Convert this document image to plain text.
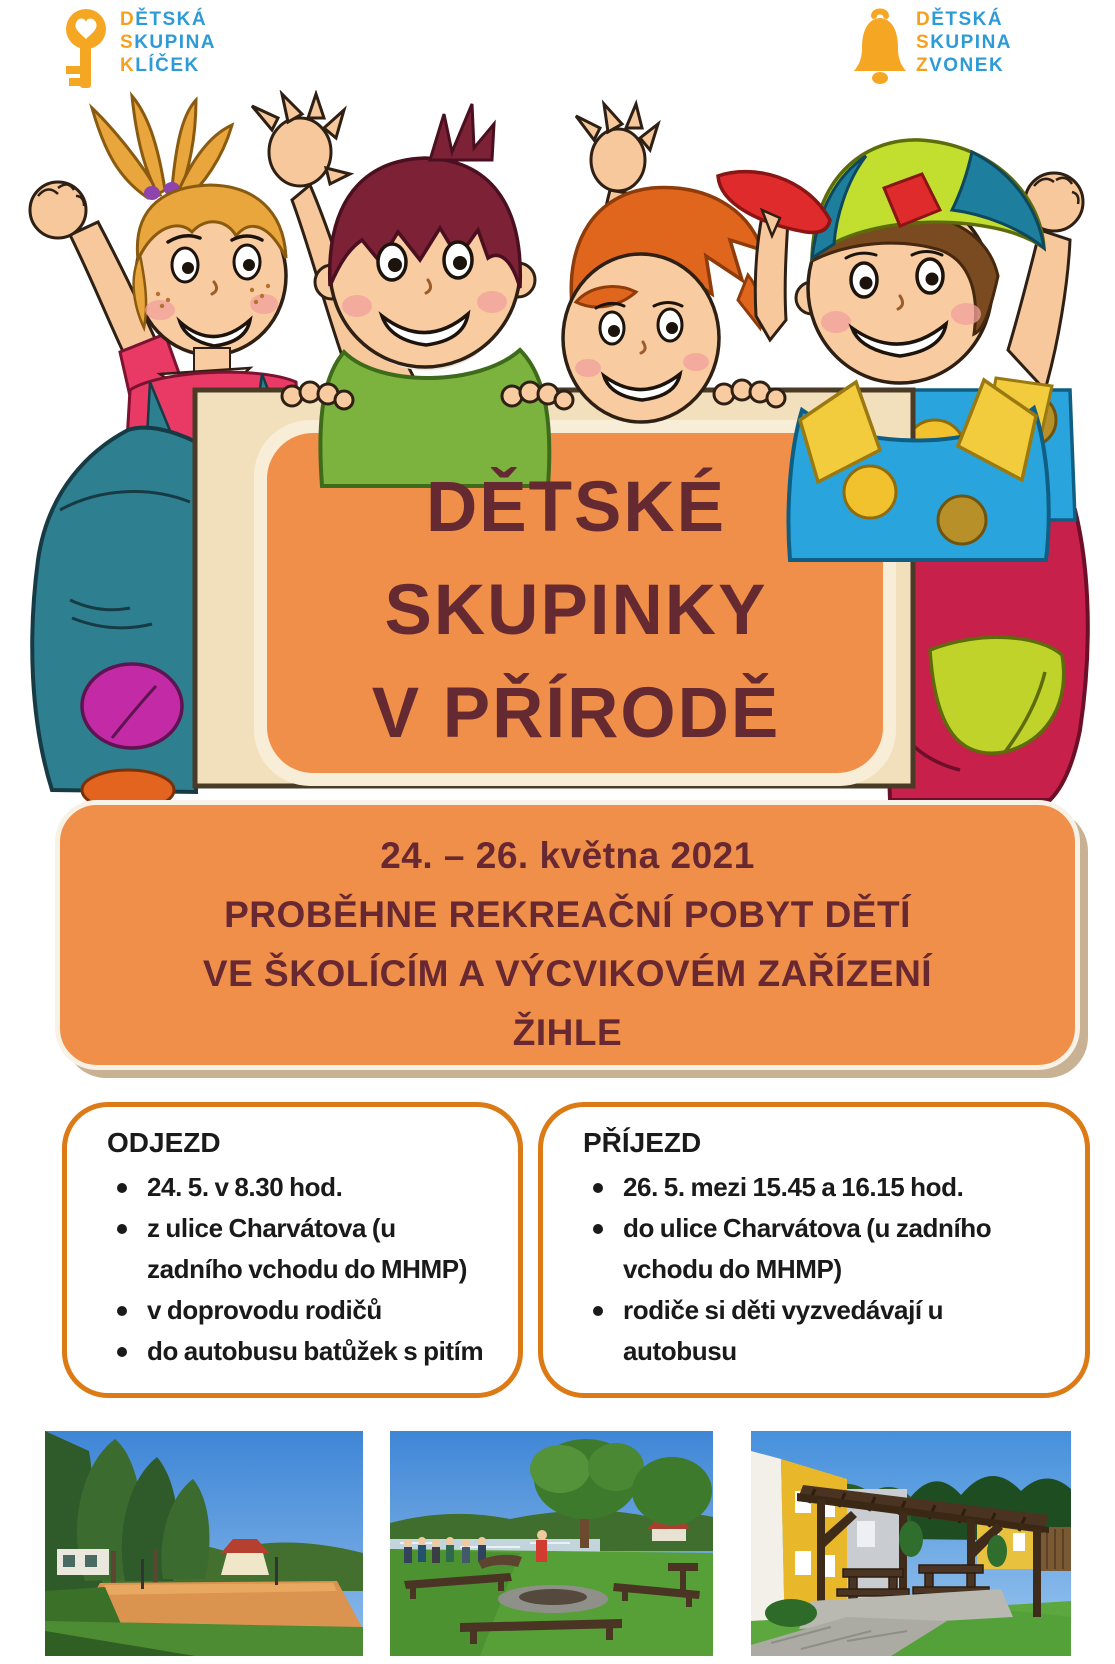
DĚTSKÁ
SKUPINA
KLÍČEK
DĚTSKÁ
SKUPINA
ZVONEK
DĚTSKÉ
SKUPINKY
V PŘÍRODĚ
24. – 26. května 2021
PROBĚHNE REKREAČNÍ POBYT DĚTÍ
VE ŠKOLÍCÍM A VÝCVIKOVÉM ZAŘÍZENÍ
ŽIHLE
ODJEZD
24. 5. v 8.30 hod.
z ulice Charvátova (u zadního vchodu do MHMP)
v doprovodu rodičů
do autobusu batůžek s pitím
PŘÍJEZD
26. 5. mezi 15.45 a 16.15 hod.
do ulice Charvátova (u zadního vchodu do MHMP)
rodiče si děti vyzvedávají u autobusu
